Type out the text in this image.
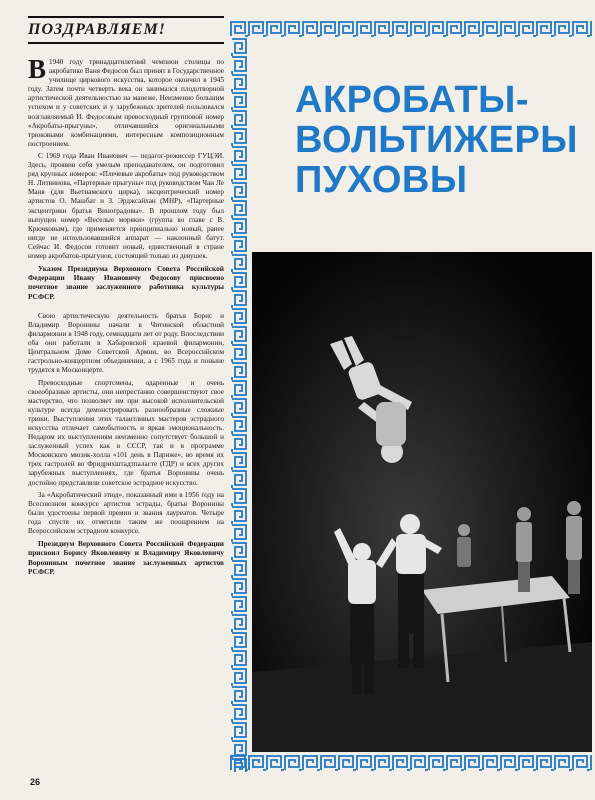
ПОЗДРАВЛЯЕМ!

В 1940 году тринадцатилетний чемпион столицы по акробатике Ваня Федосов был принят в Государственное училище циркового искусства, которое окончил в 1945 году. Затем почти четверть века он занимался плодотворной артистической деятельностью на манеже. Неизменно большим успехом и у советских и у зарубежных зрителей пользовался возглавляемый И. Федосовым превосходный групповой номер «Акробаты-прыгуны», отличавшийся оригинальными трюковыми комбинациями, интересным композиционным построением.

С 1969 года Иван Иванович — педагог-режиссер ГУЦЭИ. Здесь, проявив себя умелым преподавателем, он подготовил ряд крупных номеров: «Плечевые акробаты» под руководством Н. Литвинова, «Партерные прыгуны» под руководством Чан Ле Маня (для Вьетнамского цирка), эксцентрический номер артистов О. Машбат и З. Эрджсайхан (МНР), «Партерные эксцентрики братья Виноградовы». В прошлом году был выпущен номер «Веселые моряки» (группа во главе с В. Крючковым), где применяется принципиально новый, ранее нигде не использовавшийся аппарат — наклонный батут. Сейчас И. Федосов готовит новый, единственный в стране номер акробатов-прыгунов, состоящий только из девушек.

Указом Президиума Верховного Совета Российской Федерации Ивану Ивановичу Федосову присвоено почетное звание заслуженного работника культуры РСФСР.

Свою артистическую деятельность братья Борис и Владимир Воронины начали в Читинской областной филармонии в 1948 году, семнадцати лет от роду. Впоследствии оба они работали в Хабаровской краевой филармонии, Центральном Доме Советской Армии, во Всероссийском гастрольно-концертном объединении, а с 1965 года и поныне трудятся в Москонцерте.

Превосходные спортсмены, одаренные и очень своеобразные артисты, они непрестанно совершенствуют свое мастерство, что позволяет им при высокой исполнительской культуре всегда демонстрировать разнообразные сложные трюки. Выступления этих талантливых мастеров эстрадного искусства отличает самобытность и яркая эмоциональность. Недаром их выступлениям неизменно сопутствует большой и заслуженный успех как в СССР, так и в программе Московского мюзик-холла «101 день в Париже», во время их трех гастролей во Фридрихштадтпаласте (ГДР) и всех других зарубежных выступлениях, где братья Воронины очень достойно представляли советское эстрадное искусство.

За «Акробатический этюд», показанный ими в 1956 году на Всесоюзном конкурсе артистов эстрады, братья Воронины были удостоены первой премии и звания лауреатов. Четыре года спустя их отметили таким же поощрением на Всероссийском эстрадном конкурсе.

Президиум Верховного Совета Российской Федерации присвоил Борису Яковлевичу и Владимиру Яковлевичу Ворониным почетное звание заслуженных артистов РСФСР.

26
АКРОБАТЫ-
ВОЛЬТИЖЕРЫ
ПУХОВЫ
